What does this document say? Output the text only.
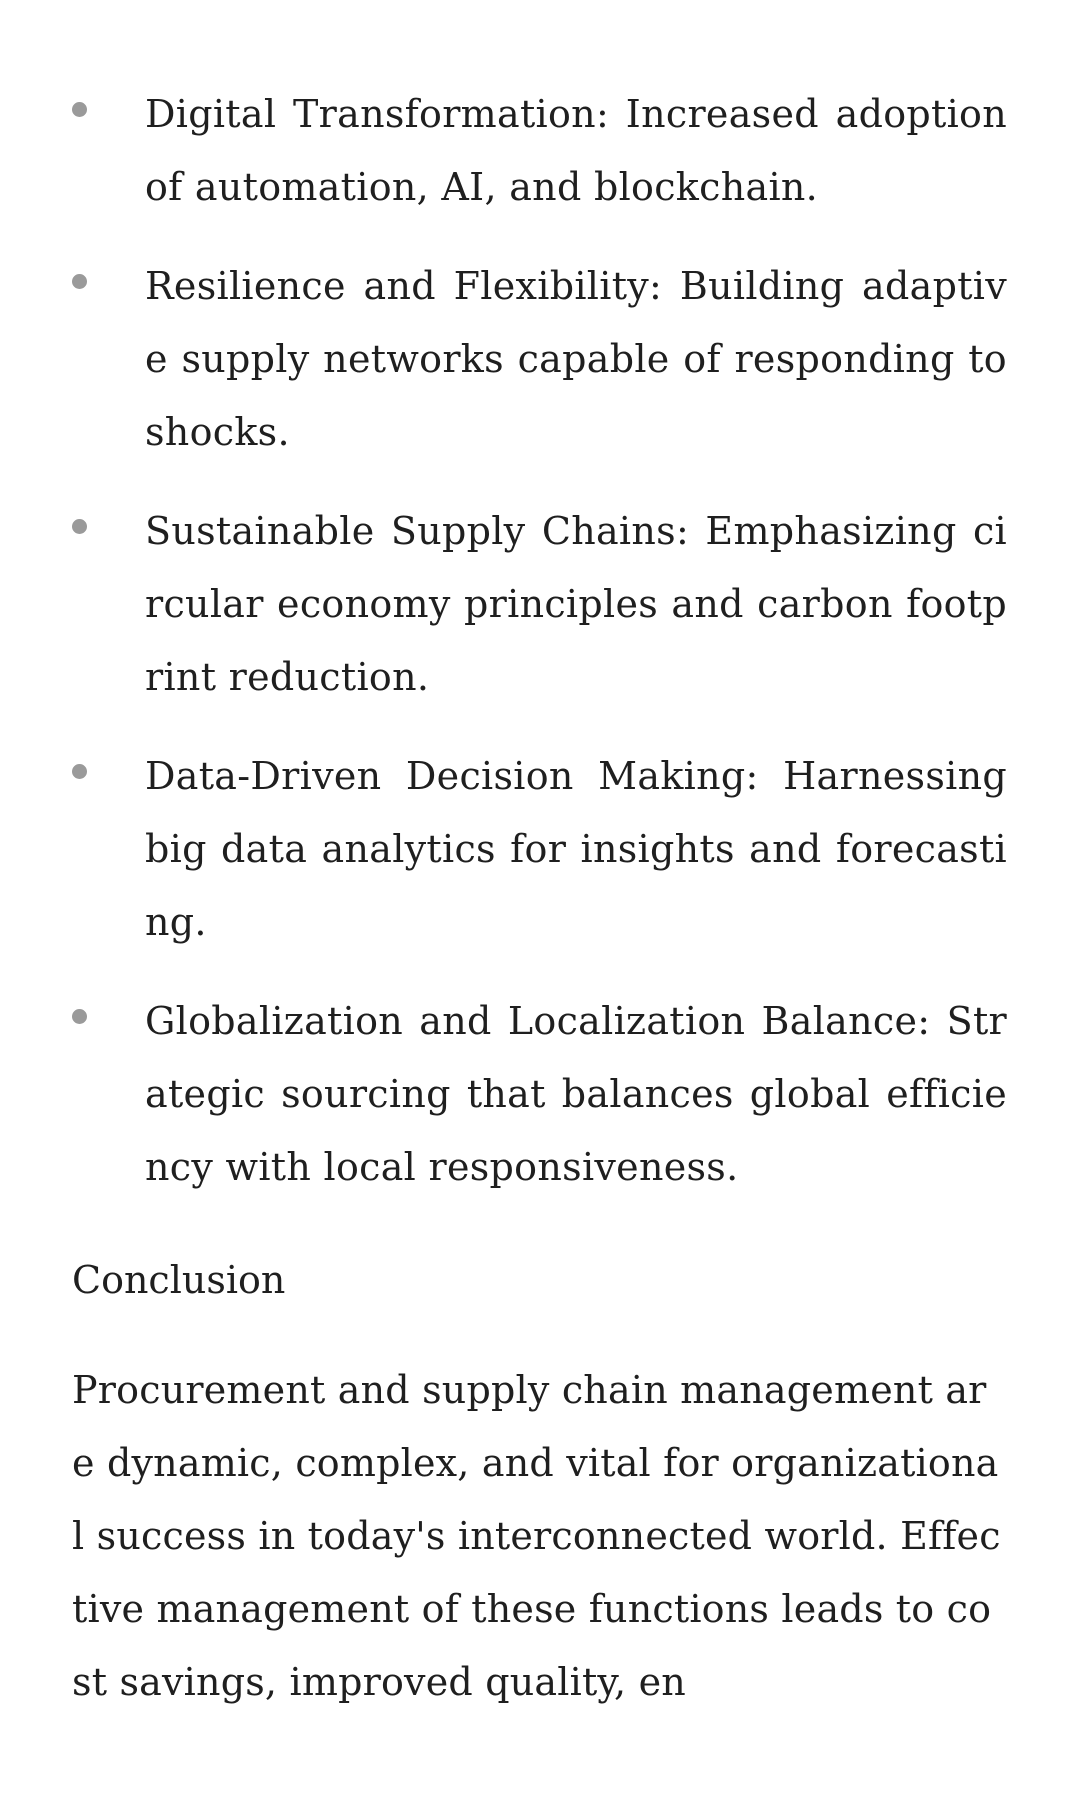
Digital Transformation: Increased adoption of automation, AI, and blockchain.
Resilience and Flexibility: Building adaptive supply networks capable of responding to shocks.
Sustainable Supply Chains: Emphasizing circular economy principles and carbon footprint reduction.
Data-Driven Decision Making: Harnessing big data analytics for insights and forecasting.
Globalization and Localization Balance: Strategic sourcing that balances global efficiency with local responsiveness.
Conclusion

Procurement and supply chain management are dynamic, complex, and vital for organizational success in today's interconnected world. Effective management of these functions leads to cost savings, improved quality, en
